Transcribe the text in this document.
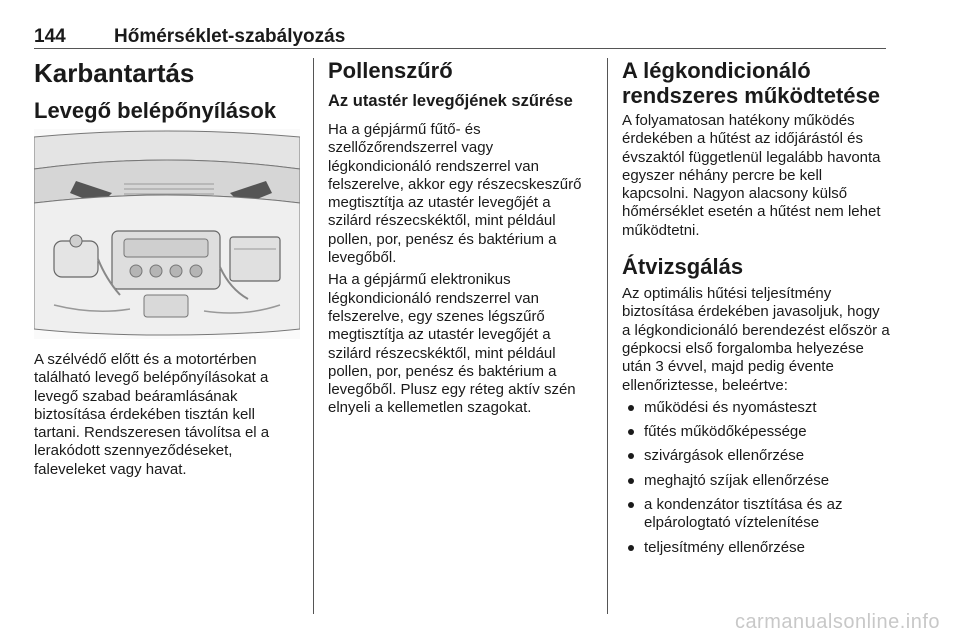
144	Hőmérséklet-szabályozás
Karbantartás
Levegő belépőnyílások

A szélvédő előtt és a motortérben található levegő belépőnyílásokat a levegő szabad beáramlásának biztosítása érdekében tisztán kell tartani. Rendszeresen távolítsa el a lerakódott szennyeződéseket, faleveleket vagy havat.

Pollenszűrő
Az utastér levegőjének szűrése

Ha a gépjármű fűtő- és szellőzőrendszerrel vagy légkondicionáló rendszerrel van felszerelve, akkor egy részecskeszűrő megtisztítja az utastér levegőjét a szilárd részecskéktől, mint például pollen, por, penész és baktérium a levegőből.

Ha a gépjármű elektronikus légkondicionáló rendszerrel van felszerelve, egy szenes légszűrő megtisztítja az utastér levegőjét a szilárd részecskéktől, mint például pollen, por, penész és baktérium a levegőből. Plusz egy réteg aktív szén elnyeli a kellemetlen szagokat.

A légkondicionáló rendszeres működtetése

A folyamatosan hatékony működés érdekében a hűtést az időjárástól és évszaktól függetlenül legalább havonta egyszer néhány percre be kell kapcsolni. Nagyon alacsony külső hőmérséklet esetén a hűtést nem lehet működtetni.

Átvizsgálás

Az optimális hűtési teljesítmény biztosítása érdekében javasoljuk, hogy a légkondicionáló berendezést először a gépkocsi első forgalomba helyezése után 3 évvel, majd pedig évente ellenőriztesse, beleértve:

működési és nyomásteszt
fűtés működőképessége
szivárgások ellenőrzése
meghajtó szíjak ellenőrzése
a kondenzátor tisztítása és az elpárologtató víztelenítése
teljesítmény ellenőrzése
carmanualsonline.info
